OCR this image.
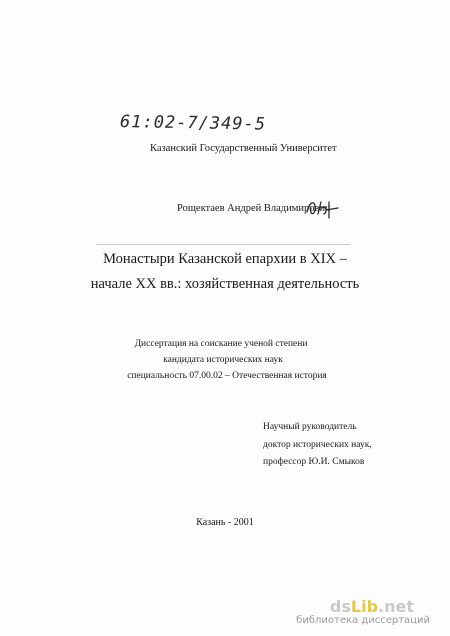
61:02-7/349-5
Казанский Государственный Университет
Рощектаев Андрей Владимирович
Монастыри Казанской епархии в XIX –
начале XX вв.: хозяйственная деятельность
Диссертация на соискание ученой степени
кандидата исторических наук
специальность 07.00.02 – Отечественная история
Научный руководитель
доктор исторических наук,
профессор Ю.И. Смыков
Казань - 2001
dsLib.net
библиотека диссертаций
